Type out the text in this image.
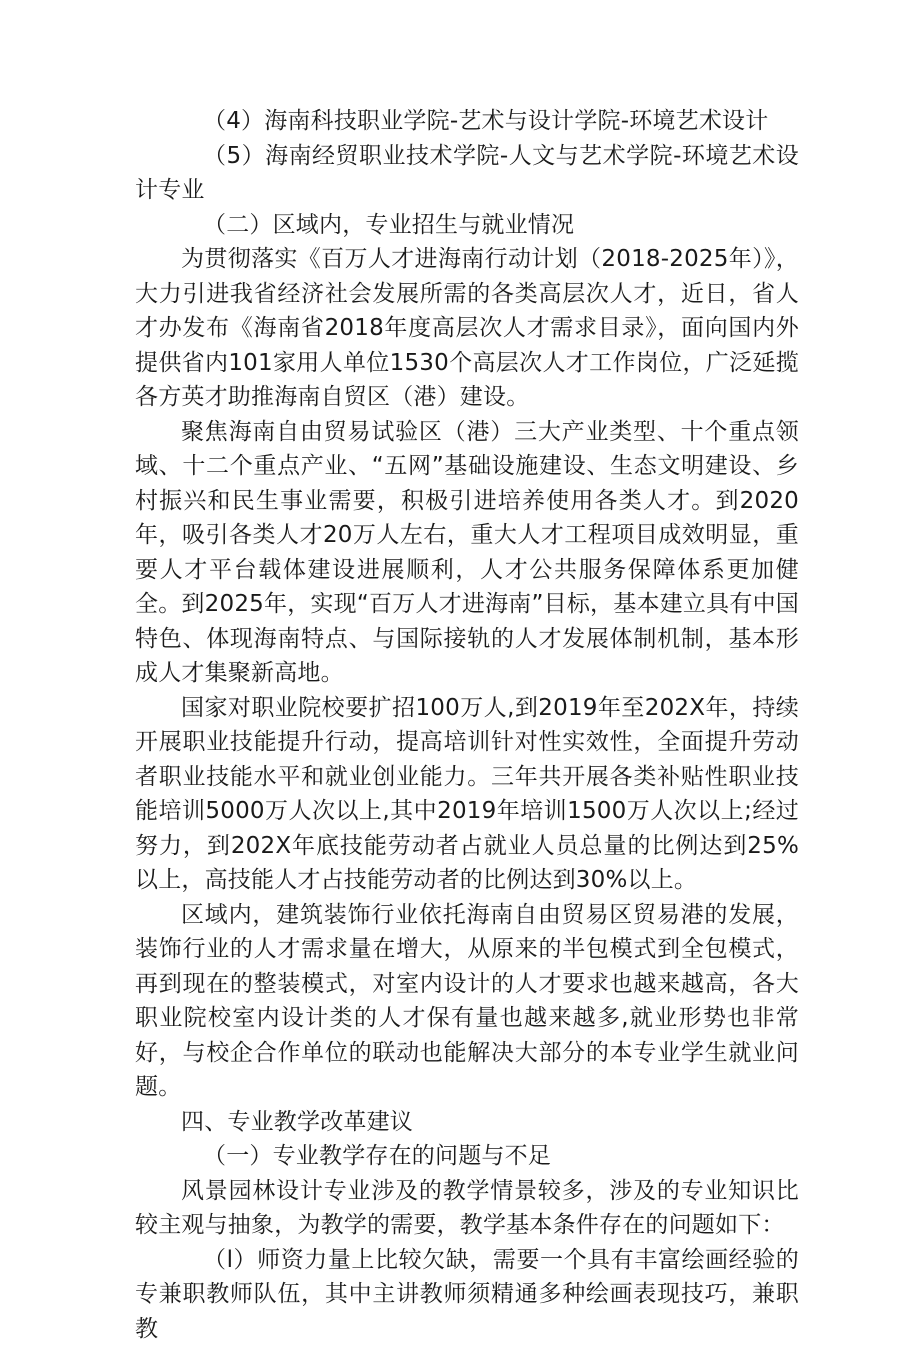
（4）海南科技职业学院-艺术与设计学院-环境艺术设计

（5）海南经贸职业技术学院-人文与艺术学院-环境艺术设计专业

（二）区域内，专业招生与就业情况

为贯彻落实《百万人才进海南行动计划（2018-2025年）》，大力引进我省经济社会发展所需的各类高层次人才，近日，省人才办发布《海南省2018年度高层次人才需求目录》，面向国内外提供省内101家用人单位1530个高层次人才工作岗位，广泛延揽各方英才助推海南自贸区（港）建设。

聚焦海南自由贸易试验区（港）三大产业类型、十个重点领域、十二个重点产业、“五网”基础设施建设、生态文明建设、乡村振兴和民生事业需要，积极引进培养使用各类人才。到2020年，吸引各类人才20万人左右，重大人才工程项目成效明显，重要人才平台载体建设进展顺利，人才公共服务保障体系更加健全。到2025年，实现“百万人才进海南”目标，基本建立具有中国特色、体现海南特点、与国际接轨的人才发展体制机制，基本形成人才集聚新高地。

国家对职业院校要扩招100万人,到2019年至202X年，持续开展职业技能提升行动，提高培训针对性实效性，全面提升劳动者职业技能水平和就业创业能力。三年共开展各类补贴性职业技能培训5000万人次以上,其中2019年培训1500万人次以上;经过努力，到202X年底技能劳动者占就业人员总量的比例达到25%以上，高技能人才占技能劳动者的比例达到30%以上。

区域内，建筑装饰行业依托海南自由贸易区贸易港的发展，装饰行业的人才需求量在增大，从原来的半包模式到全包模式，再到现在的整装模式，对室内设计的人才要求也越来越高，各大职业院校室内设计类的人才保有量也越来越多,就业形势也非常好，与校企合作单位的联动也能解决大部分的本专业学生就业问题。

四、专业教学改革建议

（一）专业教学存在的问题与不足

风景园林设计专业涉及的教学情景较多，涉及的专业知识比较主观与抽象，为教学的需要，教学基本条件存在的问题如下：

（l）师资力量上比较欠缺，需要一个具有丰富绘画经验的专兼职教师队伍，其中主讲教师须精通多种绘画表现技巧，兼职教
